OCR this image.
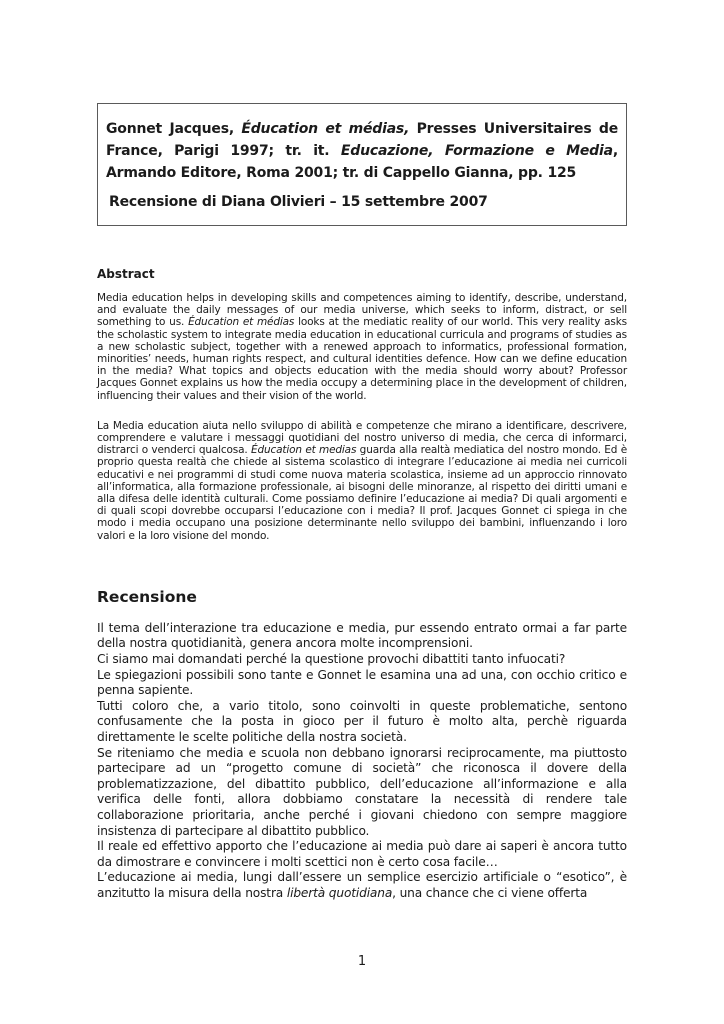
Gonnet Jacques, Éducation et médias, Presses Universitaires de France, Parigi 1997; tr. it. Educazione, Formazione e Media, Armando Editore, Roma 2001; tr. di Cappello Gianna, pp. 125

Recensione di Diana Olivieri – 15 settembre 2007

Abstract

Media education helps in developing skills and competences aiming to identify, describe, understand, and evaluate the daily messages of our media universe, which seeks to inform, distract, or sell something to us. Éducation et médias looks at the mediatic reality of our world. This very reality asks the scholastic system to integrate media education in educational curricula and programs of studies as a new scholastic subject, together with a renewed approach to informatics, professional formation, minorities’ needs, human rights respect, and cultural identities defence. How can we define education in the media? What topics and objects education with the media should worry about? Professor Jacques Gonnet explains us how the media occupy a determining place in the development of children, influencing their values and their vision of the world.

La Media education aiuta nello sviluppo di abilità e competenze che mirano a identificare, descrivere, comprendere e valutare i messaggi quotidiani del nostro universo di media, che cerca di informarci, distrarci o venderci qualcosa. Éducation et medias guarda alla realtà mediatica del nostro mondo. Ed è proprio questa realtà che chiede al sistema scolastico di integrare l’educazione ai media nei curricoli educativi e nei programmi di studi come nuova materia scolastica, insieme ad un approccio rinnovato all’informatica, alla formazione professionale, ai bisogni delle minoranze, al rispetto dei diritti umani e alla difesa delle identità culturali. Come possiamo definire l’educazione ai media? Di quali argomenti e di quali scopi dovrebbe occuparsi l’educazione con i media? Il prof. Jacques Gonnet ci spiega in che modo i media occupano una posizione determinante nello sviluppo dei bambini, influenzando i loro valori e la loro visione del mondo.

Recensione

Il tema dell’interazione tra educazione e media, pur essendo entrato ormai a far parte della nostra quotidianità, genera ancora molte incomprensioni.

Ci siamo mai domandati perché la questione provochi dibattiti tanto infuocati?

Le spiegazioni possibili sono tante e Gonnet le esamina una ad una, con occhio critico e penna sapiente.

Tutti coloro che, a vario titolo, sono coinvolti in queste problematiche, sentono confusamente che la posta in gioco per il futuro è molto alta, perchè riguarda direttamente le scelte politiche della nostra società.

Se riteniamo che media e scuola non debbano ignorarsi reciprocamente, ma piuttosto partecipare ad un “progetto comune di società” che riconosca il dovere della problematizzazione, del dibattito pubblico, dell’educazione all’informazione e alla verifica delle fonti, allora dobbiamo constatare la necessità di rendere tale collaborazione prioritaria, anche perché i giovani chiedono con sempre maggiore insistenza di partecipare al dibattito pubblico.

Il reale ed effettivo apporto che l’educazione ai media può dare ai saperi è ancora tutto da dimostrare e convincere i molti scettici non è certo cosa facile…

L’educazione ai media, lungi dall’essere un semplice esercizio artificiale o “esotico”, è anzitutto la misura della nostra libertà quotidiana, una chance che ci viene offerta

1
